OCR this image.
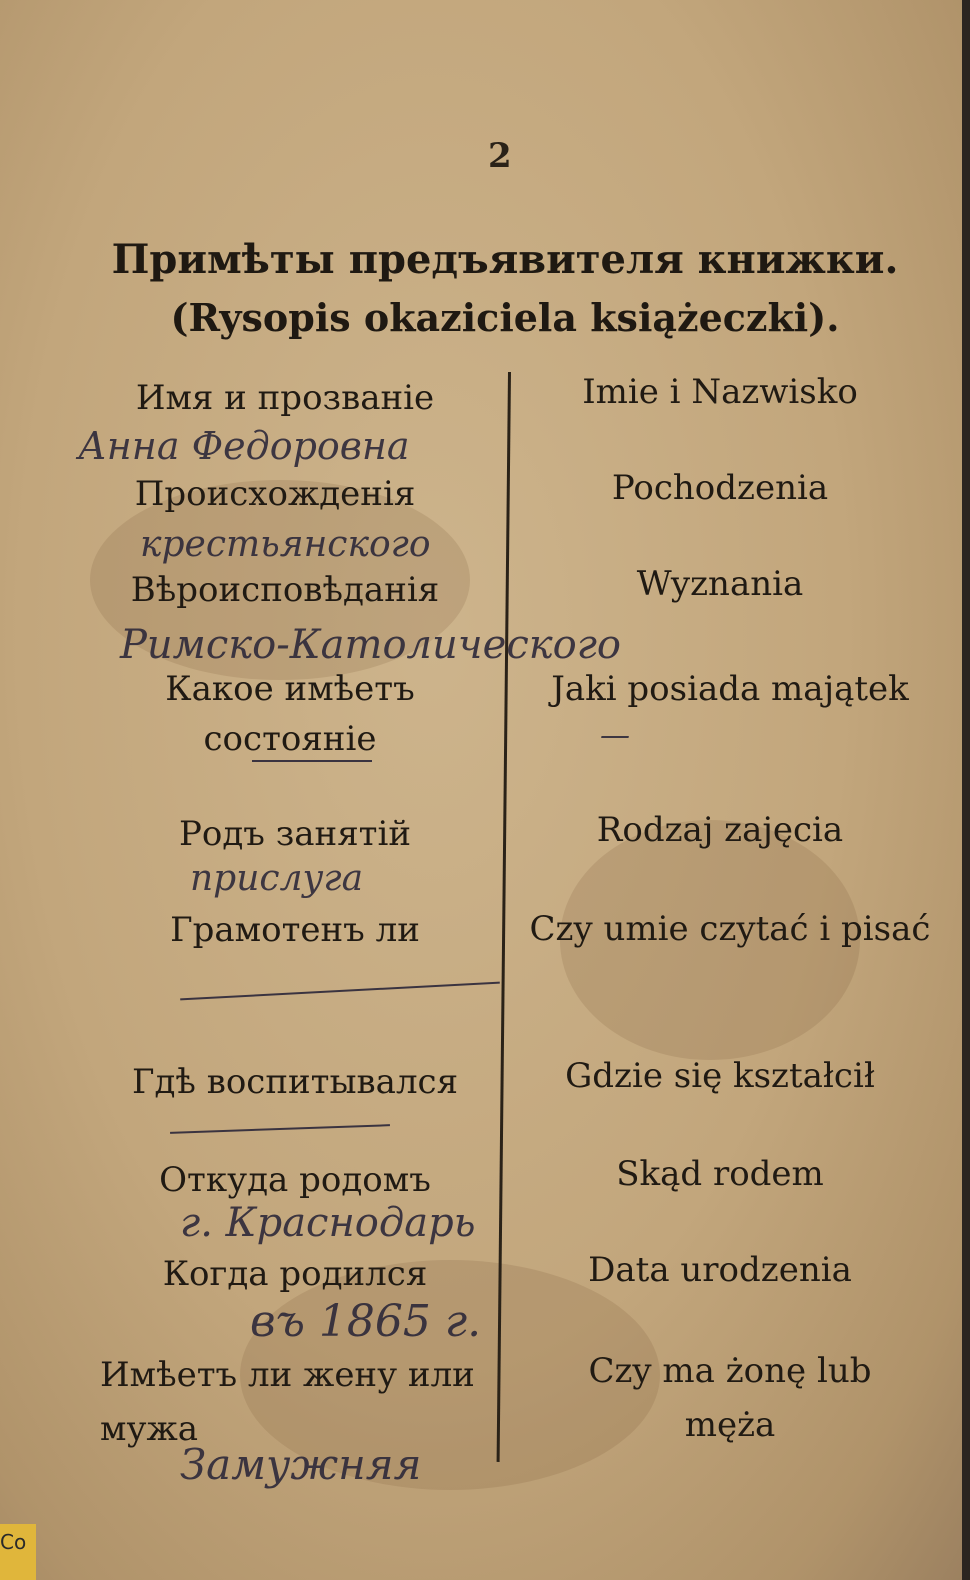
2
Примѣты предъявителя книжки.
(Rysopis okaziciela książeczki).
Имя и прозванiе	Imie i Nazwisko
Анна Федоровна
Происхожденiя	Pochodzenia
крестьянского
Вѣроисповѣданiя	Wyznania
Римско-Католического
Какое имѣетъ состоянiе
Jaki posiada majątek
—
Родъ занятiй	Rodzaj zajęcia
прислуга
Грамотенъ ли	Czy umie czytać i pisać
Гдѣ воспитывался	Gdzie się kształcił
Откуда родомъ	Skąd rodem
г. Краснодарь
Когда родился	Data urodzenia
въ 1865 г.
Имѣетъ ли жену или мужа
Czy ma żonę lub męża
Замужняя
Co
